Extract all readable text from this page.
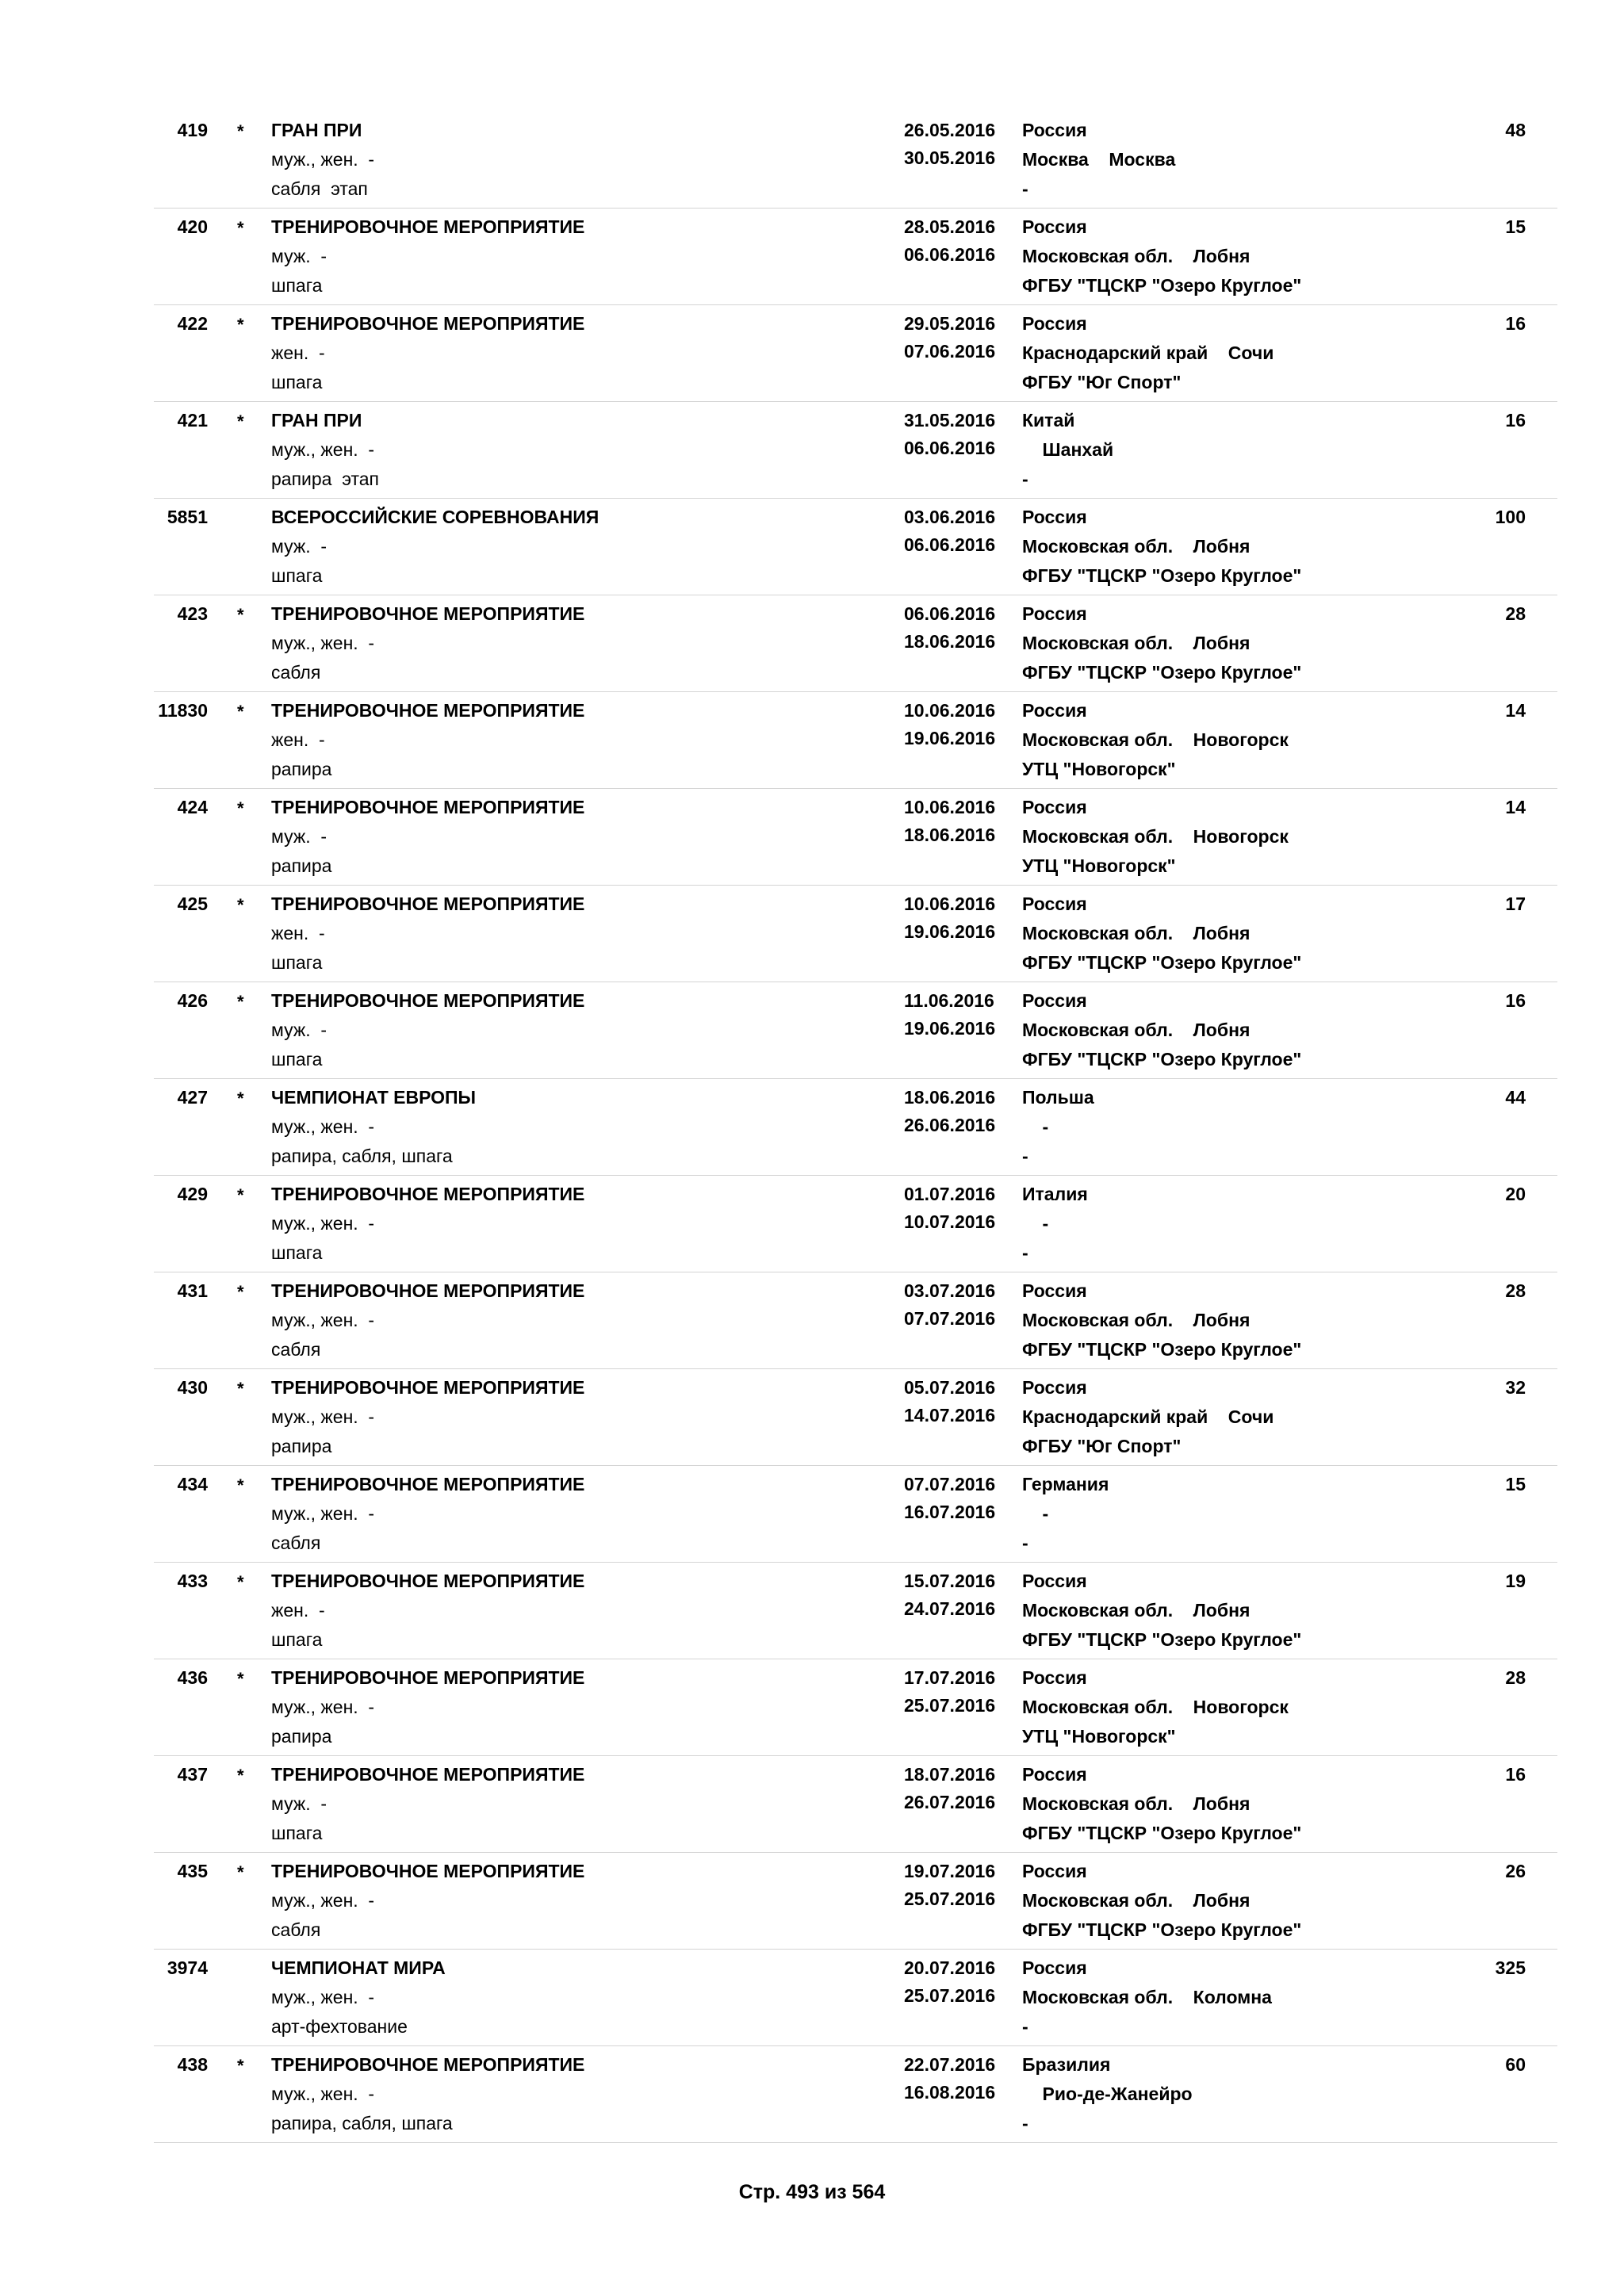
419 * ГРАН ПРИ
муж., жен.  -
сабля  этап
26.05.2016
30.05.2016
Россия
Москва    Москва
-
48
420 * ТРЕНИРОВОЧНОЕ МЕРОПРИЯТИЕ
муж.  -
шпага
28.05.2016
06.06.2016
Россия
Московская обл.    Лобня
ФГБУ "ТЦСКР "Озеро Круглое"
15
422 * ТРЕНИРОВОЧНОЕ МЕРОПРИЯТИЕ
жен.  -
шпага
29.05.2016
07.06.2016
Россия
Краснодарский край    Сочи
ФГБУ "Юг Спорт"
16
421 * ГРАН ПРИ
муж., жен.  -
рапира  этап
31.05.2016
06.06.2016
Китай
Шанхай
-
16
5851	ВСЕРОССИЙСКИЕ СОРЕВНОВАНИЯ
муж.  -
шпага
03.06.2016
06.06.2016
Россия
Московская обл.    Лобня
ФГБУ "ТЦСКР "Озеро Круглое"
100
423 * ТРЕНИРОВОЧНОЕ МЕРОПРИЯТИЕ
муж., жен.  -
сабля
06.06.2016
18.06.2016
Россия
Московская обл.    Лобня
ФГБУ "ТЦСКР "Озеро Круглое"
28
11830 * ТРЕНИРОВОЧНОЕ МЕРОПРИЯТИЕ
жен.  -
рапира
10.06.2016
19.06.2016
Россия
Московская обл.    Новогорск
УТЦ "Новогорск"
14
424 * ТРЕНИРОВОЧНОЕ МЕРОПРИЯТИЕ
муж.  -
рапира
10.06.2016
18.06.2016
Россия
Московская обл.    Новогорск
УТЦ "Новогорск"
14
425 * ТРЕНИРОВОЧНОЕ МЕРОПРИЯТИЕ
жен.  -
шпага
10.06.2016
19.06.2016
Россия
Московская обл.    Лобня
ФГБУ "ТЦСКР "Озеро Круглое"
17
426 * ТРЕНИРОВОЧНОЕ МЕРОПРИЯТИЕ
муж.  -
шпага
11.06.2016
19.06.2016
Россия
Московская обл.    Лобня
ФГБУ "ТЦСКР "Озеро Круглое"
16
427 * ЧЕМПИОНАТ ЕВРОПЫ
муж., жен.  -
рапира, сабля, шпага
18.06.2016
26.06.2016
Польша
-
-
44
429 * ТРЕНИРОВОЧНОЕ МЕРОПРИЯТИЕ
муж., жен.  -
шпага
01.07.2016
10.07.2016
Италия
-
-
20
431 * ТРЕНИРОВОЧНОЕ МЕРОПРИЯТИЕ
муж., жен.  -
сабля
03.07.2016
07.07.2016
Россия
Московская обл.    Лобня
ФГБУ "ТЦСКР "Озеро Круглое"
28
430 * ТРЕНИРОВОЧНОЕ МЕРОПРИЯТИЕ
муж., жен.  -
рапира
05.07.2016
14.07.2016
Россия
Краснодарский край    Сочи
ФГБУ "Юг Спорт"
32
434 * ТРЕНИРОВОЧНОЕ МЕРОПРИЯТИЕ
муж., жен.  -
сабля
07.07.2016
16.07.2016
Германия
-
-
15
433 * ТРЕНИРОВОЧНОЕ МЕРОПРИЯТИЕ
жен.  -
шпага
15.07.2016
24.07.2016
Россия
Московская обл.    Лобня
ФГБУ "ТЦСКР "Озеро Круглое"
19
436 * ТРЕНИРОВОЧНОЕ МЕРОПРИЯТИЕ
муж., жен.  -
рапира
17.07.2016
25.07.2016
Россия
Московская обл.    Новогорск
УТЦ "Новогорск"
28
437 * ТРЕНИРОВОЧНОЕ МЕРОПРИЯТИЕ
муж.  -
шпага
18.07.2016
26.07.2016
Россия
Московская обл.    Лобня
ФГБУ "ТЦСКР "Озеро Круглое"
16
435 * ТРЕНИРОВОЧНОЕ МЕРОПРИЯТИЕ
муж., жен.  -
сабля
19.07.2016
25.07.2016
Россия
Московская обл.    Лобня
ФГБУ "ТЦСКР "Озеро Круглое"
26
3974	ЧЕМПИОНАТ МИРА
муж., жен.  -
арт-фехтование
20.07.2016
25.07.2016
Россия
Московская обл.    Коломна
-
325
438 * ТРЕНИРОВОЧНОЕ МЕРОПРИЯТИЕ
муж., жен.  -
рапира, сабля, шпага
22.07.2016
16.08.2016
Бразилия
Рио-де-Жанейро
-
60
Стр. 493 из 564
